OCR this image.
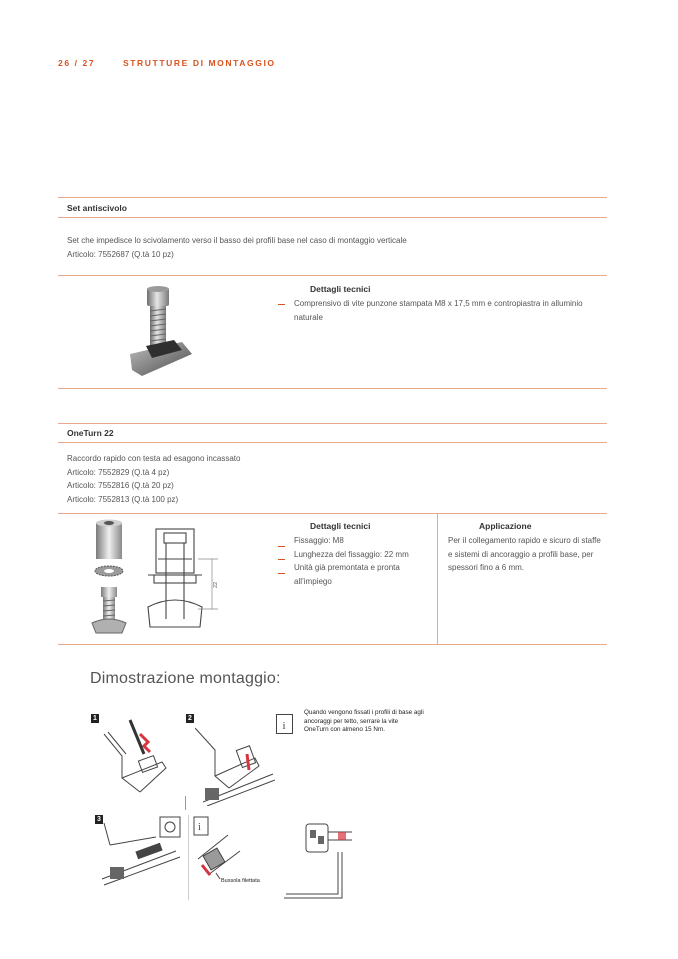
26 / 27	STRUTTURE DI MONTAGGIO
Set antiscivolo
Set che impedisce lo scivolamento verso il basso dei profili base nel caso di montaggio verticale
Articolo: 7552687 (Q.tà 10 pz)
Dettagli tecnici
Comprensivo di vite punzone stampata M8 x 17,5 mm e contropiastra in alluminio naturale
OneTurn 22
Raccordo rapido con testa ad esagono incassato
Articolo: 7552829 (Q.tà 4 pz)
Articolo: 7552816 (Q.tà 20 pz)
Articolo: 7552813 (Q.tà 100 pz)
22
Dettagli tecnici
Fissaggio: M8
Lunghezza del fissaggio: 22 mm
Unità già premontata e pronta all’impiego
Applicazione
Per il collegamento rapido e sicuro di staffe e sistemi di ancoraggio a profili base, per spessori fino a 6 mm.
Dimostrazione montaggio:
1	2
i
Quando vengono fissati i profili di base agli ancoraggi per tetto, serrare la vite OneTurn con almeno 15 Nm.
3
i
Bussola filettata
